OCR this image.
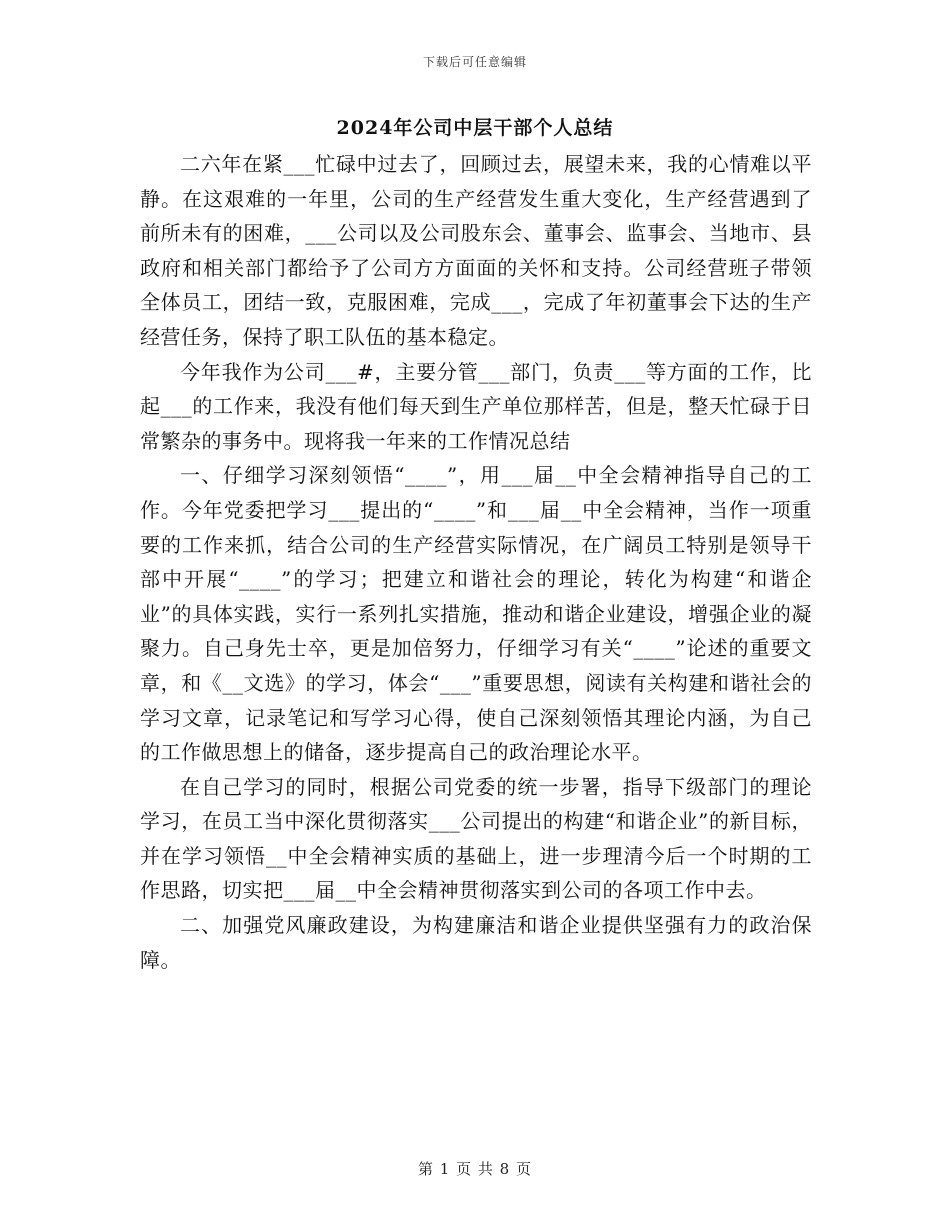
下载后可任意编辑
2024年公司中层干部个人总结

二六年在紧___忙碌中过去了，回顾过去，展望未来，我的心情难以平静。在这艰难的一年里，公司的生产经营发生重大变化，生产经营遇到了前所未有的困难，___公司以及公司股东会、董事会、监事会、当地市、县政府和相关部门都给予了公司方方面面的关怀和支持。公司经营班子带领全体员工，团结一致，克服困难，完成___，完成了年初董事会下达的生产经营任务，保持了职工队伍的基本稳定。

今年我作为公司___#，主要分管___部门，负责___等方面的工作，比起___的工作来，我没有他们每天到生产单位那样苦，但是，整天忙碌于日常繁杂的事务中。现将我一年来的工作情况总结

一、仔细学习深刻领悟“____”，用___届__中全会精神指导自己的工作。今年党委把学习___提出的“____”和___届__中全会精神，当作一项重要的工作来抓，结合公司的生产经营实际情况，在广阔员工特别是领导干部中开展“____”的学习；把建立和谐社会的理论，转化为构建“和谐企业”的具体实践，实行一系列扎实措施，推动和谐企业建设，增强企业的凝聚力。自己身先士卒，更是加倍努力，仔细学习有关“____”论述的重要文章，和《__文选》的学习，体会“___”重要思想，阅读有关构建和谐社会的学习文章，记录笔记和写学习心得，使自己深刻领悟其理论内涵，为自己的工作做思想上的储备，逐步提高自己的政治理论水平。

在自己学习的同时，根据公司党委的统一步署，指导下级部门的理论学习，在员工当中深化贯彻落实___公司提出的构建“和谐企业”的新目标，并在学习领悟__中全会精神实质的基础上，进一步理清今后一个时期的工作思路，切实把___届__中全会精神贯彻落实到公司的各项工作中去。

二、加强党风廉政建设，为构建廉洁和谐企业提供坚强有力的政治保障。

第 1 页 共 8 页
